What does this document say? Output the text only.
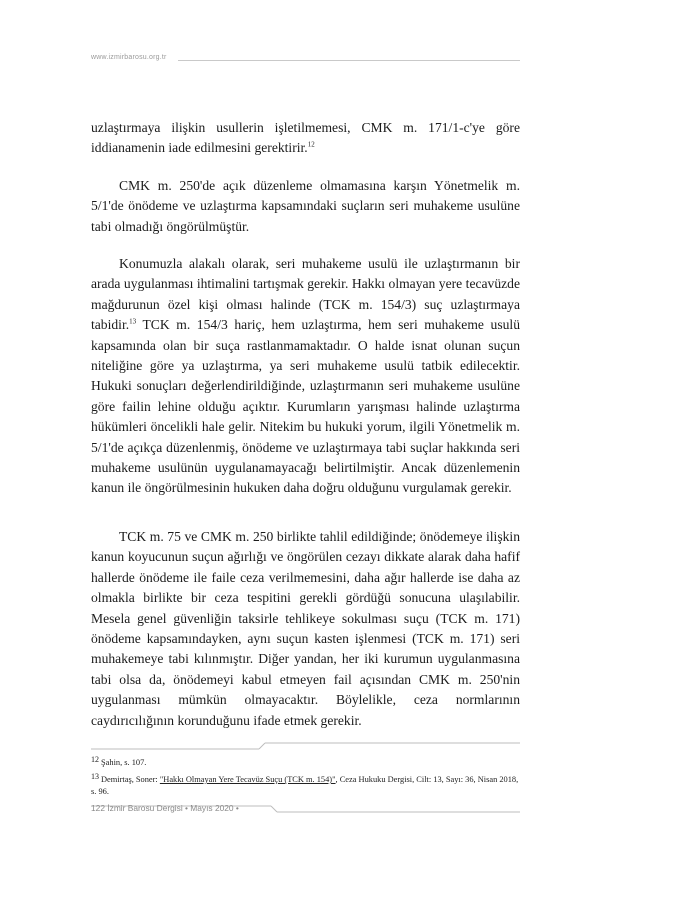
www.izmirbarosu.org.tr

uzlaştırmaya ilişkin usullerin işletilmemesi, CMK m. 171/1-c'ye göre iddianamenin iade edilmesini gerektirir.$^{12}$

CMK m. 250'de açık düzenleme olmamasına karşın Yönetmelik m. 5/1'de önödeme ve uzlaştırma kapsamındaki suçların seri muhakeme usulüne tabi olmadığı öngörülmüştür.

Konumuzla alakalı olarak, seri muhakeme usulü ile uzlaştırmanın bir arada uygulanması ihtimalini tartışmak gerekir. Hakkı olmayan yere tecavüzde mağdurunun özel kişi olması halinde (TCK m. 154/3) suç uzlaştırmaya tabidir.$^{13}$ TCK m. 154/3 hariç, hem uzlaştırma, hem seri muhakeme usulü kapsamında olan bir suça rastlanmamaktadır. O halde isnat olunan suçun niteliğine göre ya uzlaştırma, ya seri muhakeme usulü tatbik edilecektir. Hukuki sonuçları değerlendirildiğinde, uzlaştırmanın seri muhakeme usulüne göre failin lehine olduğu açıktır. Kurumların yarışması halinde uzlaştırma hükümleri öncelikli hale gelir. Nitekim bu hukuki yorum, ilgili Yönetmelik m. 5/1'de açıkça düzenlenmiş, önödeme ve uzlaştırmaya tabi suçlar hakkında seri muhakeme usulünün uygulanamayacağı belirtilmiştir. Ancak düzenlemenin kanun ile öngörülmesinin hukuken daha doğru olduğunu vurgulamak gerekir.

TCK m. 75 ve CMK m. 250 birlikte tahlil edildiğinde; önödemeye ilişkin kanun koyucunun suçun ağırlığı ve öngörülen cezayı dikkate alarak daha hafif hallerde önödeme ile faile ceza verilmemesini, daha ağır hallerde ise daha az olmakla birlikte bir ceza tespitini gerekli gördüğü sonucuna ulaşılabilir. Mesela genel güvenliğin taksirle tehlikeye sokulması suçu (TCK m. 171) önödeme kapsamındayken, aynı suçun kasten işlenmesi (TCK m. 171) seri muhakemeye tabi kılınmıştır. Diğer yandan, her iki kurumun uygulanmasına tabi olsa da, önödemeyi kabul etmeyen fail açısından CMK m. 250'nin uygulanması mümkün olmayacaktır. Böylelikle, ceza normlarının caydırıcılığının korunduğunu ifade etmek gerekir.

12 Şahin, s. 107.
13 Demirtaş, Soner: "Hakkı Olmayan Yere Tecavüz Suçu (TCK m. 154)", Ceza Hukuku Dergisi, Cilt: 13, Sayı: 36, Nisan 2018, s. 96.
122 İzmir Barosu Dergisi • Mayıs 2020 •
